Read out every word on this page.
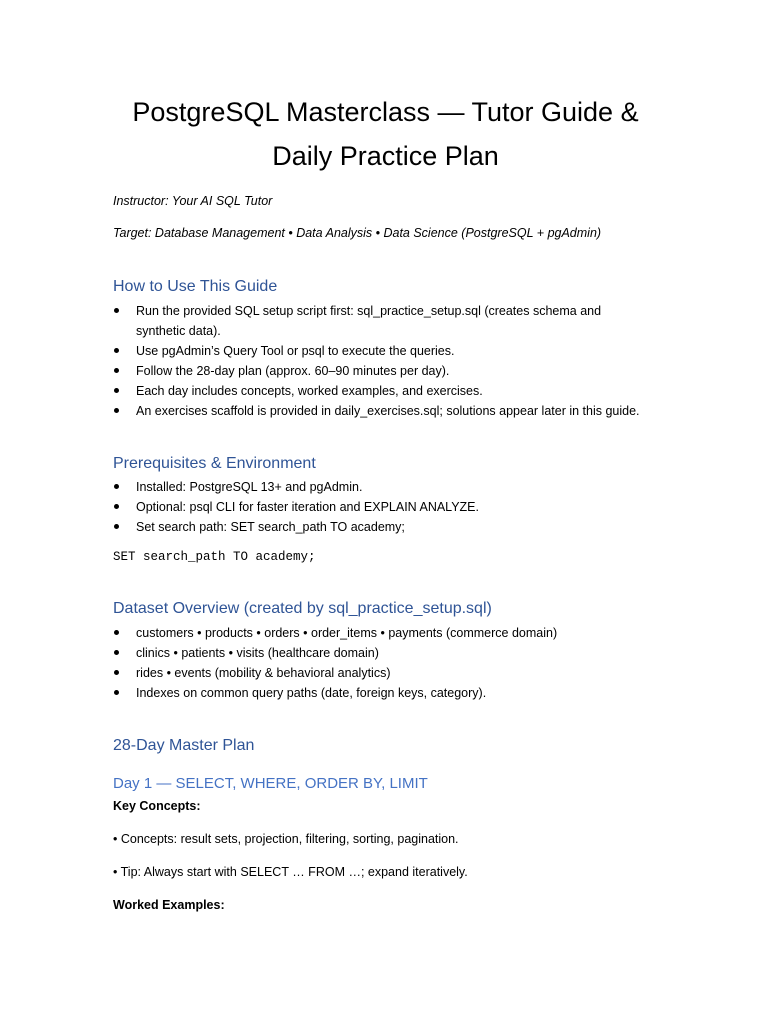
PostgreSQL Masterclass — Tutor Guide &
Daily Practice Plan
Instructor: Your AI SQL Tutor
Target: Database Management • Data Analysis • Data Science (PostgreSQL + pgAdmin)
How to Use This Guide
Run the provided SQL setup script first: sql_practice_setup.sql (creates schema and synthetic data).
Use pgAdmin’s Query Tool or psql to execute the queries.
Follow the 28-day plan (approx. 60–90 minutes per day).
Each day includes concepts, worked examples, and exercises.
An exercises scaffold is provided in daily_exercises.sql; solutions appear later in this guide.
Prerequisites & Environment
Installed: PostgreSQL 13+ and pgAdmin.
Optional: psql CLI for faster iteration and EXPLAIN ANALYZE.
Set search path: SET search_path TO academy;
SET search_path TO academy;
Dataset Overview (created by sql_practice_setup.sql)
customers • products • orders • order_items • payments (commerce domain)
clinics • patients • visits (healthcare domain)
rides • events (mobility & behavioral analytics)
Indexes on common query paths (date, foreign keys, category).
28-Day Master Plan
Day 1 — SELECT, WHERE, ORDER BY, LIMIT
Key Concepts:
• Concepts: result sets, projection, filtering, sorting, pagination.
• Tip: Always start with SELECT … FROM …; expand iteratively.
Worked Examples:
